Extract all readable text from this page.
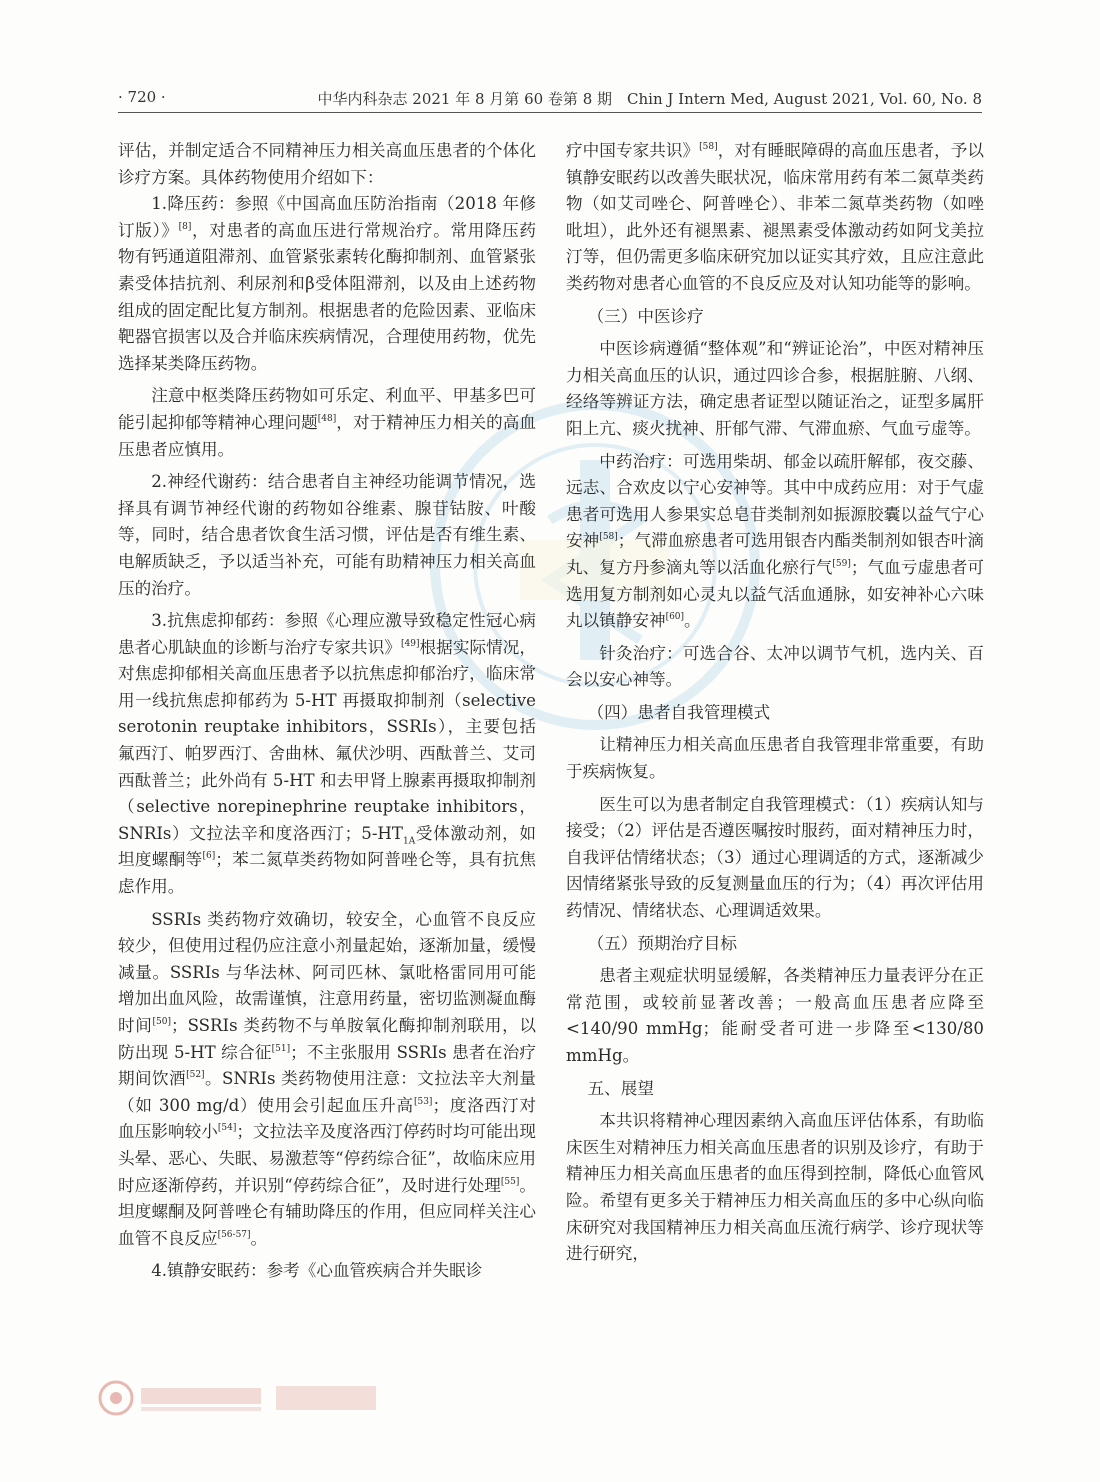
· 720 ·	中华内科杂志 2021 年 8 月第 60 卷第 8 期　Chin J Intern Med, August 2021, Vol. 60, No. 8

评估，并制定适合不同精神压力相关高血压患者的个体化诊疗方案。具体药物使用介绍如下：

1.降压药：参照《中国高血压防治指南（2018 年修订版）》[8]，对患者的高血压进行常规治疗。常用降压药物有钙通道阻滞剂、血管紧张素转化酶抑制剂、血管紧张素受体拮抗剂、利尿剂和β受体阻滞剂，以及由上述药物组成的固定配比复方制剂。根据患者的危险因素、亚临床靶器官损害以及合并临床疾病情况，合理使用药物，优先选择某类降压药物。

注意中枢类降压药物如可乐定、利血平、甲基多巴可能引起抑郁等精神心理问题[48]，对于精神压力相关的高血压患者应慎用。

2.神经代谢药：结合患者自主神经功能调节情况，选择具有调节神经代谢的药物如谷维素、腺苷钴胺、叶酸等，同时，结合患者饮食生活习惯，评估是否有维生素、电解质缺乏，予以适当补充，可能有助精神压力相关高血压的治疗。

3.抗焦虑抑郁药：参照《心理应激导致稳定性冠心病患者心肌缺血的诊断与治疗专家共识》[49]根据实际情况，对焦虑抑郁相关高血压患者予以抗焦虑抑郁治疗，临床常用一线抗焦虑抑郁药为 5-HT 再摄取抑制剂（selective serotonin reuptake inhibitors，SSRIs），主要包括氟西汀、帕罗西汀、舍曲林、氟伏沙明、西酞普兰、艾司西酞普兰；此外尚有 5-HT 和去甲肾上腺素再摄取抑制剂（selective norepinephrine reuptake inhibitors，SNRIs）文拉法辛和度洛西汀；$5-HT_{1A}$受体激动剂，如坦度螺酮等[6]；苯二氮草类药物如阿普唑仑等，具有抗焦虑作用。

SSRIs 类药物疗效确切，较安全，心血管不良反应较少，但使用过程仍应注意小剂量起始，逐渐加量，缓慢减量。SSRIs 与华法林、阿司匹林、氯吡格雷同用可能增加出血风险，故需谨慎，注意用药量，密切监测凝血酶时间[50]；SSRIs 类药物不与单胺氧化酶抑制剂联用，以防出现 5-HT 综合征[51]；不主张服用 SSRIs 患者在治疗期间饮酒[52]。SNRIs 类药物使用注意：文拉法辛大剂量（如 300 mg/d）使用会引起血压升高[53]；度洛西汀对血压影响较小[54]；文拉法辛及度洛西汀停药时均可能出现头晕、恶心、失眠、易激惹等“停药综合征”，故临床应用时应逐渐停药，并识别“停药综合征”，及时进行处理[55]。坦度螺酮及阿普唑仑有辅助降压的作用，但应同样关注心血管不良反应[56-57]。

4.镇静安眠药：参考《心血管疾病合并失眠诊

疗中国专家共识》[58]，对有睡眠障碍的高血压患者，予以镇静安眠药以改善失眠状况，临床常用药有苯二氮草类药物（如艾司唑仑、阿普唑仑）、非苯二氮草类药物（如唑吡坦），此外还有褪黑素、褪黑素受体激动药如阿戈美拉汀等，但仍需更多临床研究加以证实其疗效，且应注意此类药物对患者心血管的不良反应及对认知功能等的影响。

（三）中医诊疗

中医诊病遵循“整体观”和“辨证论治”，中医对精神压力相关高血压的认识，通过四诊合参，根据脏腑、八纲、经络等辨证方法，确定患者证型以随证治之，证型多属肝阳上亢、痰火扰神、肝郁气滞、气滞血瘀、气血亏虚等。

中药治疗：可选用柴胡、郁金以疏肝解郁，夜交藤、远志、合欢皮以宁心安神等。其中中成药应用：对于气虚患者可选用人参果实总皂苷类制剂如振源胶囊以益气宁心安神[58]；气滞血瘀患者可选用银杏内酯类制剂如银杏叶滴丸、复方丹参滴丸等以活血化瘀行气[59]；气血亏虚患者可选用复方制剂如心灵丸以益气活血通脉，如安神补心六味丸以镇静安神[60]。

针灸治疗：可选合谷、太冲以调节气机，选内关、百会以安心神等。

（四）患者自我管理模式

让精神压力相关高血压患者自我管理非常重要，有助于疾病恢复。

医生可以为患者制定自我管理模式：（1）疾病认知与接受；（2）评估是否遵医嘱按时服药，面对精神压力时，自我评估情绪状态；（3）通过心理调适的方式，逐渐减少因情绪紧张导致的反复测量血压的行为；（4）再次评估用药情况、情绪状态、心理调适效果。

（五）预期治疗目标

患者主观症状明显缓解，各类精神压力量表评分在正常范围，或较前显著改善；一般高血压患者应降至<140/90 mmHg；能耐受者可进一步降至<130/80 mmHg。

五、展望

本共识将精神心理因素纳入高血压评估体系，有助临床医生对精神压力相关高血压患者的识别及诊疗，有助于精神压力相关高血压患者的血压得到控制，降低心血管风险。希望有更多关于精神压力相关高血压的多中心纵向临床研究对我国精神压力相关高血压流行病学、诊疗现状等进行研究，
